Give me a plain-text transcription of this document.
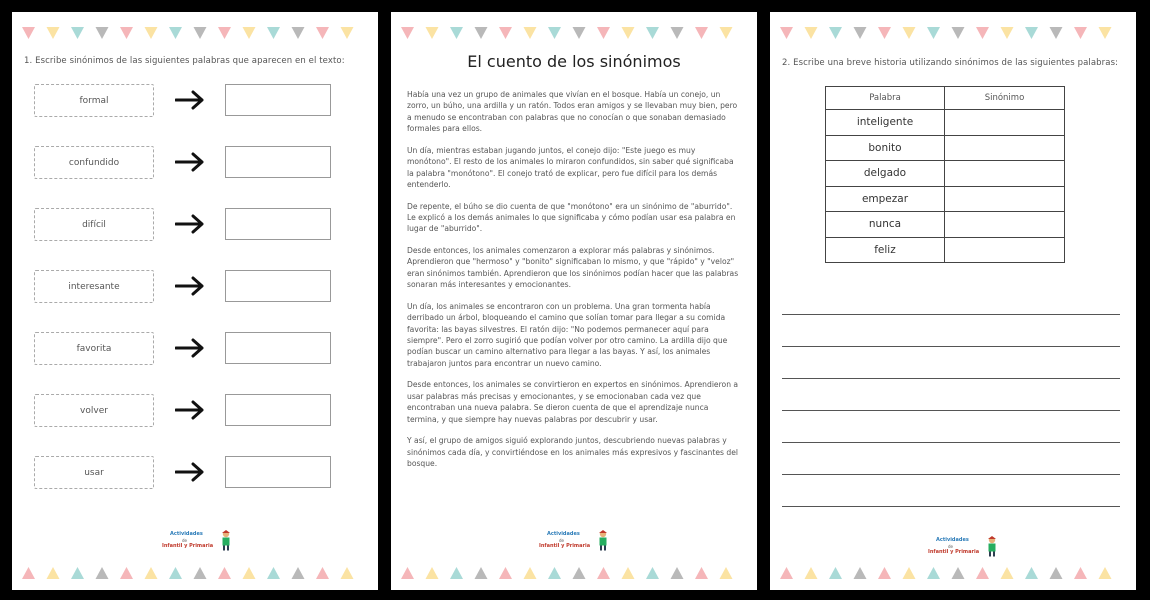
1. Escribe sinónimos de las siguientes palabras que aparecen en el texto:
formal
confundido
difícil
interesante
favorita
volver
usar
Actividades
de
Infantil y Primaria
El cuento de los sinónimos

Había una vez un grupo de animales que vivían en el bosque. Había un conejo, un zorro, un búho, una ardilla y un ratón. Todos eran amigos y se llevaban muy bien, pero a menudo se encontraban con palabras que no conocían o que sonaban demasiado formales para ellos.

Un día, mientras estaban jugando juntos, el conejo dijo: "Este juego es muy monótono". El resto de los animales lo miraron confundidos, sin saber qué significaba la palabra "monótono". El conejo trató de explicar, pero fue difícil para los demás entenderlo.

De repente, el búho se dio cuenta de que "monótono" era un sinónimo de "aburrido". Le explicó a los demás animales lo que significaba y cómo podían usar esa palabra en lugar de "aburrido".

Desde entonces, los animales comenzaron a explorar más palabras y sinónimos. Aprendieron que "hermoso" y "bonito" significaban lo mismo, y que "rápido" y "veloz" eran sinónimos también. Aprendieron que los sinónimos podían hacer que las palabras sonaran más interesantes y emocionantes.

Un día, los animales se encontraron con un problema. Una gran tormenta había derribado un árbol, bloqueando el camino que solían tomar para llegar a su comida favorita: las bayas silvestres. El ratón dijo: "No podemos permanecer aquí para siempre". Pero el zorro sugirió que podían volver por otro camino. La ardilla dijo que podían buscar un camino alternativo para llegar a las bayas. Y así, los animales trabajaron juntos para encontrar un nuevo camino.

Desde entonces, los animales se convirtieron en expertos en sinónimos. Aprendieron a usar palabras más precisas y emocionantes, y se emocionaban cada vez que encontraban una nueva palabra. Se dieron cuenta de que el aprendizaje nunca termina, y que siempre hay nuevas palabras por descubrir y usar.

Y así, el grupo de amigos siguió explorando juntos, descubriendo nuevas palabras y sinónimos cada día, y convirtiéndose en los animales más expresivos y fascinantes del bosque.

Actividades
de
Infantil y Primaria
2. Escribe una breve historia utilizando sinónimos de las siguientes palabras:
Palabra	Sinónimo
inteligente	
bonito	
delgado	
empezar	
nunca	
feliz	
Actividades
de
Infantil y Primaria
